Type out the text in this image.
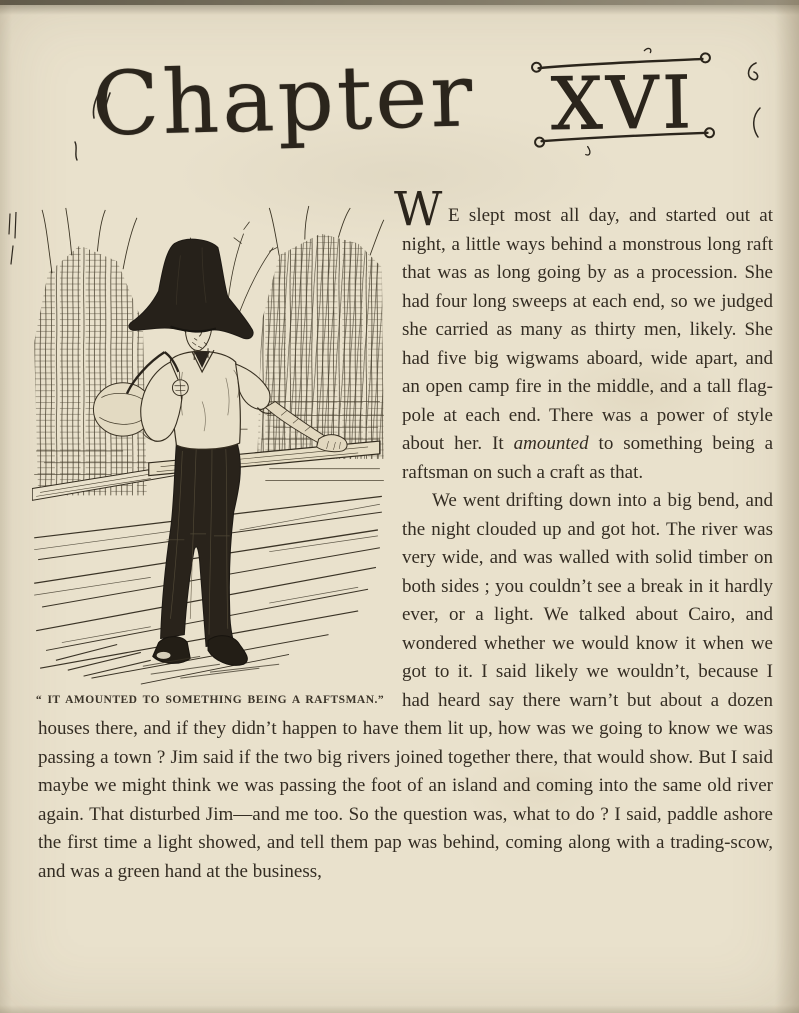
Chapter XVI
“ IT AMOUNTED TO SOMETHING BEING A RAFTSMAN.”

W E slept most all day, and started out at night, a little ways behind a monstrous long raft that was as long going by as a procession. She had four long sweeps at each end, so we judged she carried as many as thirty men, likely. She had five big wigwams aboard, wide apart, and an open camp fire in the middle, and a tall flag-pole at each end. There was a power of style about her. It amounted to something being a raftsman on such a craft as that.

We went drifting down into a big bend, and the night clouded up and got hot. The river was very wide, and was walled with solid timber on both sides ; you couldn’t see a break in it hardly ever, or a light. We talked about Cairo, and wondered whether we would know it when we got to it. I said likely we wouldn’t, because I had heard say there warn’t but about a dozen houses there, and if they didn’t happen to have them lit up, how was we going to know we was passing a town ? Jim said if the two big rivers joined together there, that would show. But I said maybe we might think we was passing the foot of an island and coming into the same old river again. That disturbed Jim—and me too. So the question was, what to do ? I said, paddle ashore the first time a light showed, and tell them pap was behind, coming along with a trading-scow, and was a green hand at the business,
